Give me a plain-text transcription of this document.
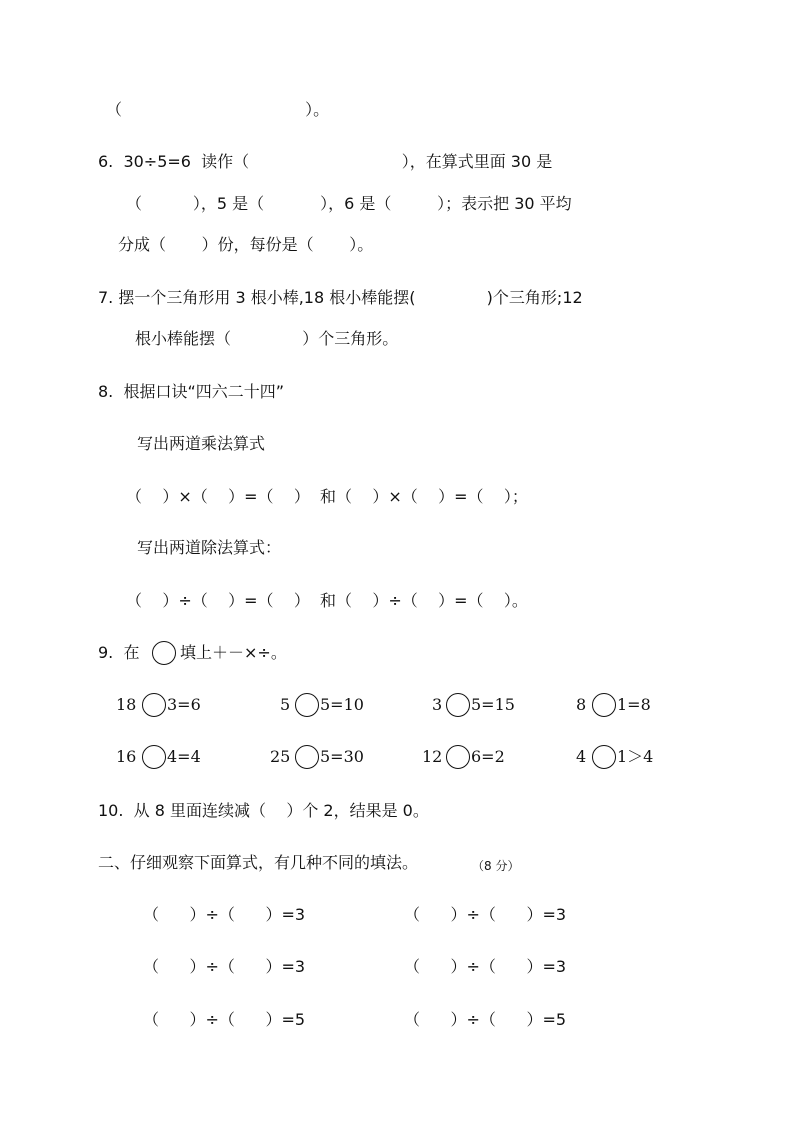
（                                    ）。
6.  30÷5=6  读作（                              ），在算式里面 30 是
（          ），5 是（           ），6 是（         ）；表示把 30 平均
分成（       ）份，每份是（       ）。
7. 摆一个三角形用 3 根小棒,18 根小棒能摆(              )个三角形;12
根小棒能摆（              ）个三角形。
8.  根据口诀“四六二十四”
写出两道乘法算式
（    ）×（    ）=（    ）  和（    ）×（    ）=（    ）；
写出两道除法算式：
（    ）÷（    ）=（    ）  和（    ）÷（    ）=（    ）。
9.  在	填上＋－×÷。
18 3=6	5 5=10	3 5=15	8 1=8
16 4=4	25 5=30	12 6=2	4 1＞4
10.  从 8 里面连续减（    ）个 2，结果是 0。
二、仔细观察下面算式，有几种不同的填法。	（8 分）
（      ）÷（      ）=3	（      ）÷（      ）=3
（      ）÷（      ）=3	（      ）÷（      ）=3
（      ）÷（      ）=5	（      ）÷（      ）=5
